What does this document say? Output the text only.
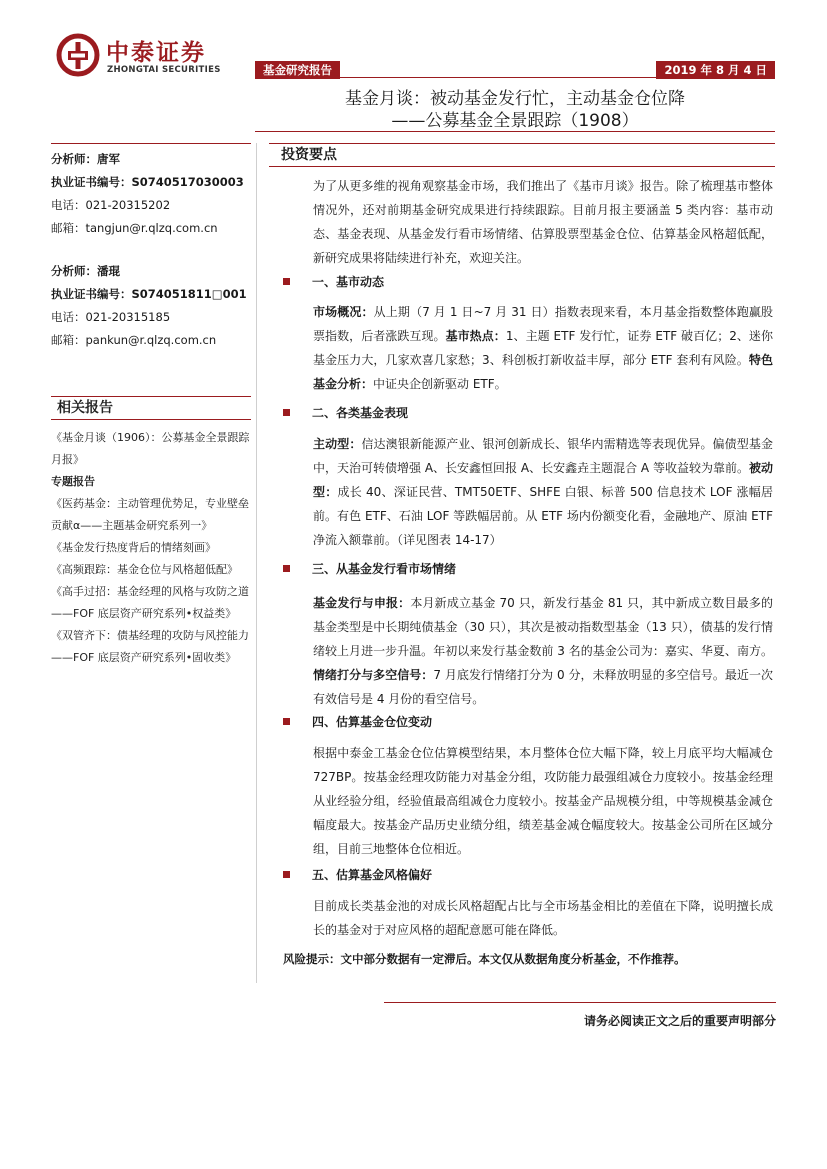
中泰证券
ZHONGTAI SECURITIES	基金研究报告	2019 年 8 月 4 日
基金月谈：被动基金发行忙，主动基金仓位降
——公募基金全景跟踪（1908）
分析师：唐军
执业证书编号：S0740517030003
电话：021-20315202
邮箱：tangjun@r.qlzq.com.cn
分析师：潘琨
执业证书编号：S074051811□001
电话：021-20315185
邮箱：pankun@r.qlzq.com.cn
相关报告
《基金月谈（1906）：公募基金全景跟踪月报》
专题报告
《医药基金：主动管理优势足，专业壁垒贡献α——主题基金研究系列一》
《基金发行热度背后的情绪刻画》
《高频跟踪：基金仓位与风格超低配》
《高手过招：基金经理的风格与攻防之道——FOF 底层资产研究系列•权益类》
《双管齐下：债基经理的攻防与风控能力——FOF 底层资产研究系列•固收类》
投资要点
为了从更多维的视角观察基金市场，我们推出了《基市月谈》报告。除了梳理基市整体情况外，还对前期基金研究成果进行持续跟踪。目前月报主要涵盖 5 类内容：基市动态、基金表现、从基金发行看市场情绪、估算股票型基金仓位、估算基金风格超低配，新研究成果将陆续进行补充，欢迎关注。
一、基市动态
市场概况：从上期（7 月 1 日~7 月 31 日）指数表现来看，本月基金指数整体跑赢股票指数，后者涨跌互现。基市热点：1、主题 ETF 发行忙，证券 ETF 破百亿；2、迷你基金压力大，几家欢喜几家愁；3、科创板打新收益丰厚，部分 ETF 套利有风险。特色基金分析：中证央企创新驱动 ETF。
二、各类基金表现
主动型：信达澳银新能源产业、银河创新成长、银华内需精选等表现优异。偏债型基金中，天治可转债增强 A、长安鑫恒回报 A、长安鑫垚主题混合 A 等收益较为靠前。被动型：成长 40、深证民营、TMT50ETF、SHFE 白银、标普 500 信息技术 LOF 涨幅居前。有色 ETF、石油 LOF 等跌幅居前。从 ETF 场内份额变化看，金融地产、原油 ETF 净流入额靠前。（详见图表 14-17）
三、从基金发行看市场情绪
基金发行与申报：本月新成立基金 70 只，新发行基金 81 只，其中新成立数目最多的基金类型是中长期纯债基金（30 只），其次是被动指数型基金（13 只），债基的发行情绪较上月进一步升温。年初以来发行基金数前 3 名的基金公司为：嘉实、华夏、南方。情绪打分与多空信号：7 月底发行情绪打分为 0 分，未释放明显的多空信号。最近一次有效信号是 4 月份的看空信号。
四、估算基金仓位变动
根据中泰金工基金仓位估算模型结果，本月整体仓位大幅下降，较上月底平均大幅减仓 727BP。按基金经理攻防能力对基金分组，攻防能力最强组减仓力度较小。按基金经理从业经验分组，经验值最高组减仓力度较小。按基金产品规模分组，中等规模基金减仓幅度最大。按基金产品历史业绩分组，绩差基金减仓幅度较大。按基金公司所在区域分组，目前三地整体仓位相近。
五、估算基金风格偏好
目前成长类基金池的对成长风格超配占比与全市场基金相比的差值在下降，说明擅长成长的基金对于对应风格的超配意愿可能在降低。
风险提示：文中部分数据有一定滞后。本文仅从数据角度分析基金，不作推荐。
请务必阅读正文之后的重要声明部分
